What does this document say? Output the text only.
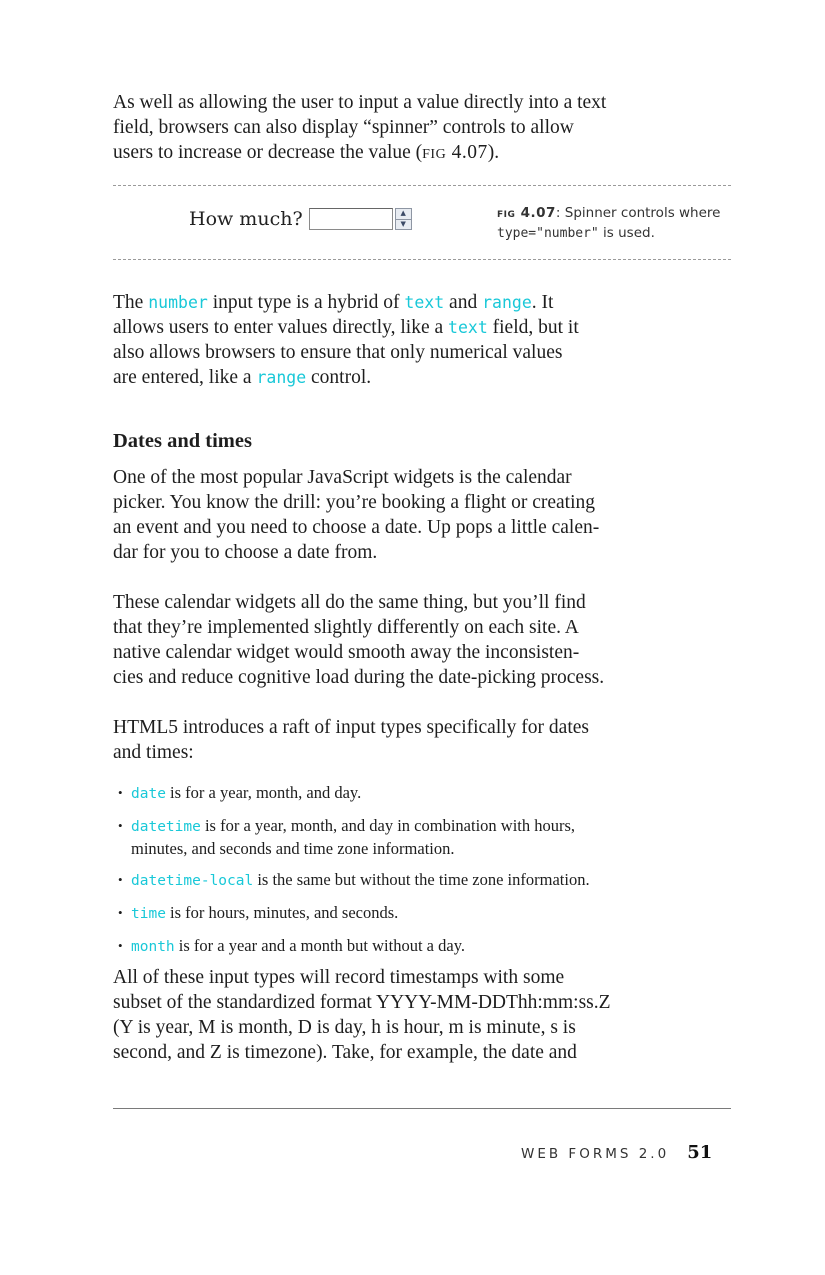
As well as allowing the user to input a value directly into a text
field, browsers can also display “spinner” controls to allow
users to increase or decrease the value (fig 4.07).

How much?	▲
▼
fig 4.07: Spinner controls where
type="number" is used.

The number input type is a hybrid of text and range. It
allows users to enter values directly, like a text field, but it
also allows browsers to ensure that only numerical values
are entered, like a range control.

Dates and times

One of the most popular JavaScript widgets is the calendar
picker. You know the drill: you’re booking a flight or creating
an event and you need to choose a date. Up pops a little calen-
dar for you to choose a date from.

These calendar widgets all do the same thing, but you’ll find
that they’re implemented slightly differently on each site. A
native calendar widget would smooth away the inconsisten-
cies and reduce cognitive load during the date-picking process.

HTML5 introduces a raft of input types specifically for dates
and times:

• date is for a year, month, and day.
• datetime is for a year, month, and day in combination with hours,
minutes, and seconds and time zone information.
• datetime-local is the same but without the time zone information.
• time is for hours, minutes, and seconds.
• month is for a year and a month but without a day.

All of these input types will record timestamps with some
subset of the standardized format YYYY-MM-DDThh:mm:ss.Z
(Y is year, M is month, D is day, h is hour, m is minute, s is
second, and Z is timezone). Take, for example, the date and

WEB FORMS 2.0 51
